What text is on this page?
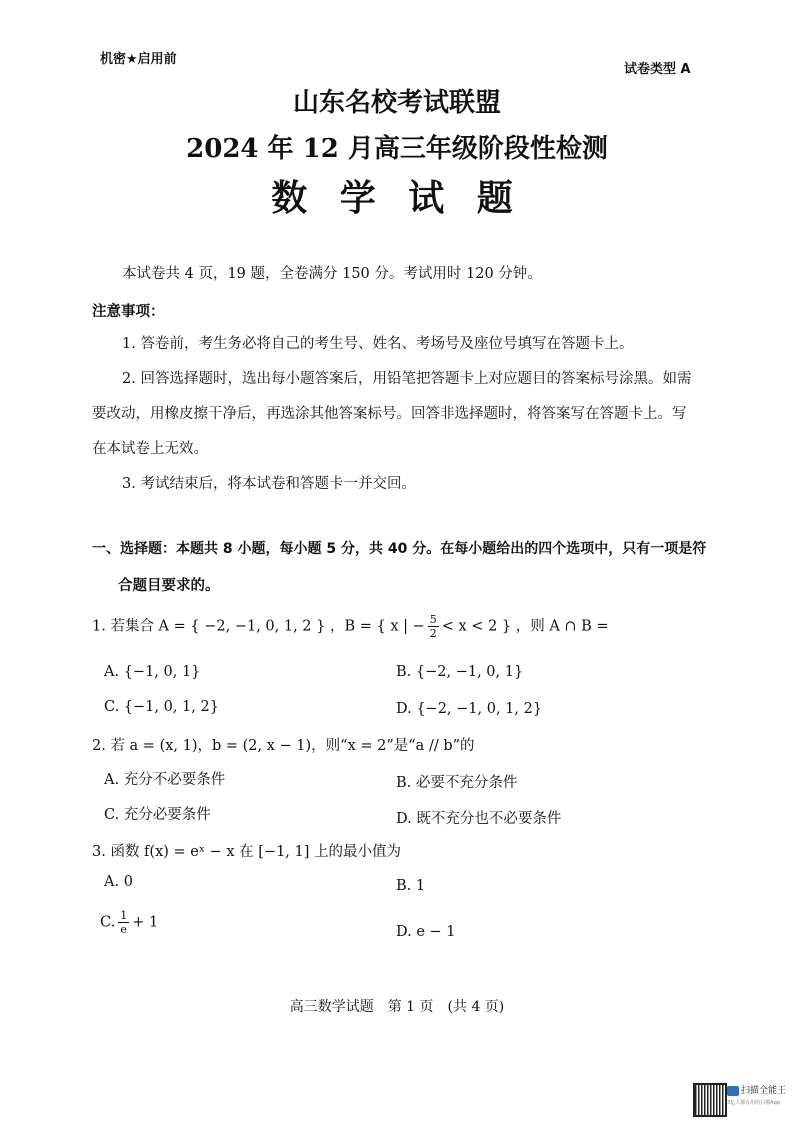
机密★启用前
试卷类型 A
山东名校考试联盟
2024 年 12 月高三年级阶段性检测
数 学 试 题
本试卷共 4 页，19 题，全卷满分 150 分。考试用时 120 分钟。
注意事项：
1. 答卷前，考生务必将自己的考生号、姓名、考场号及座位号填写在答题卡上。
2. 回答选择题时，选出每小题答案后，用铅笔把答题卡上对应题目的答案标号涂黑。如需
要改动，用橡皮擦干净后，再选涂其他答案标号。回答非选择题时，将答案写在答题卡上。写
在本试卷上无效。
3. 考试结束后，将本试卷和答题卡一并交回。
一、选择题：本题共 8 小题，每小题 5 分，共 40 分。在每小题给出的四个选项中，只有一项是符
合题目要求的。
1. 若集合 A = { −2, −1, 0, 1, 2 } ，B = { x | − $\frac{5}{2} < x < 2$ } ，则 A ∩ B =
A. {−1, 0, 1}	B. {−2, −1, 0, 1}
C. {−1, 0, 1, 2}	D. {−2, −1, 0, 1, 2}
2. 若 a = (x, 1)，b = (2, x − 1)，则“x = 2”是“a // b”的
A. 充分不必要条件	B. 必要不充分条件
C. 充分必要条件	D. 既不充分也不必要条件
3. 函数 f(x) = eˣ − x 在 [−1, 1] 上的最小值为
A. 0	B. 1
C. $\frac{1}{e} + 1$
D. e − 1
高三数学试题　第 1 页　(共 4 页)
扫描全能王
3亿人都在用的扫描App
